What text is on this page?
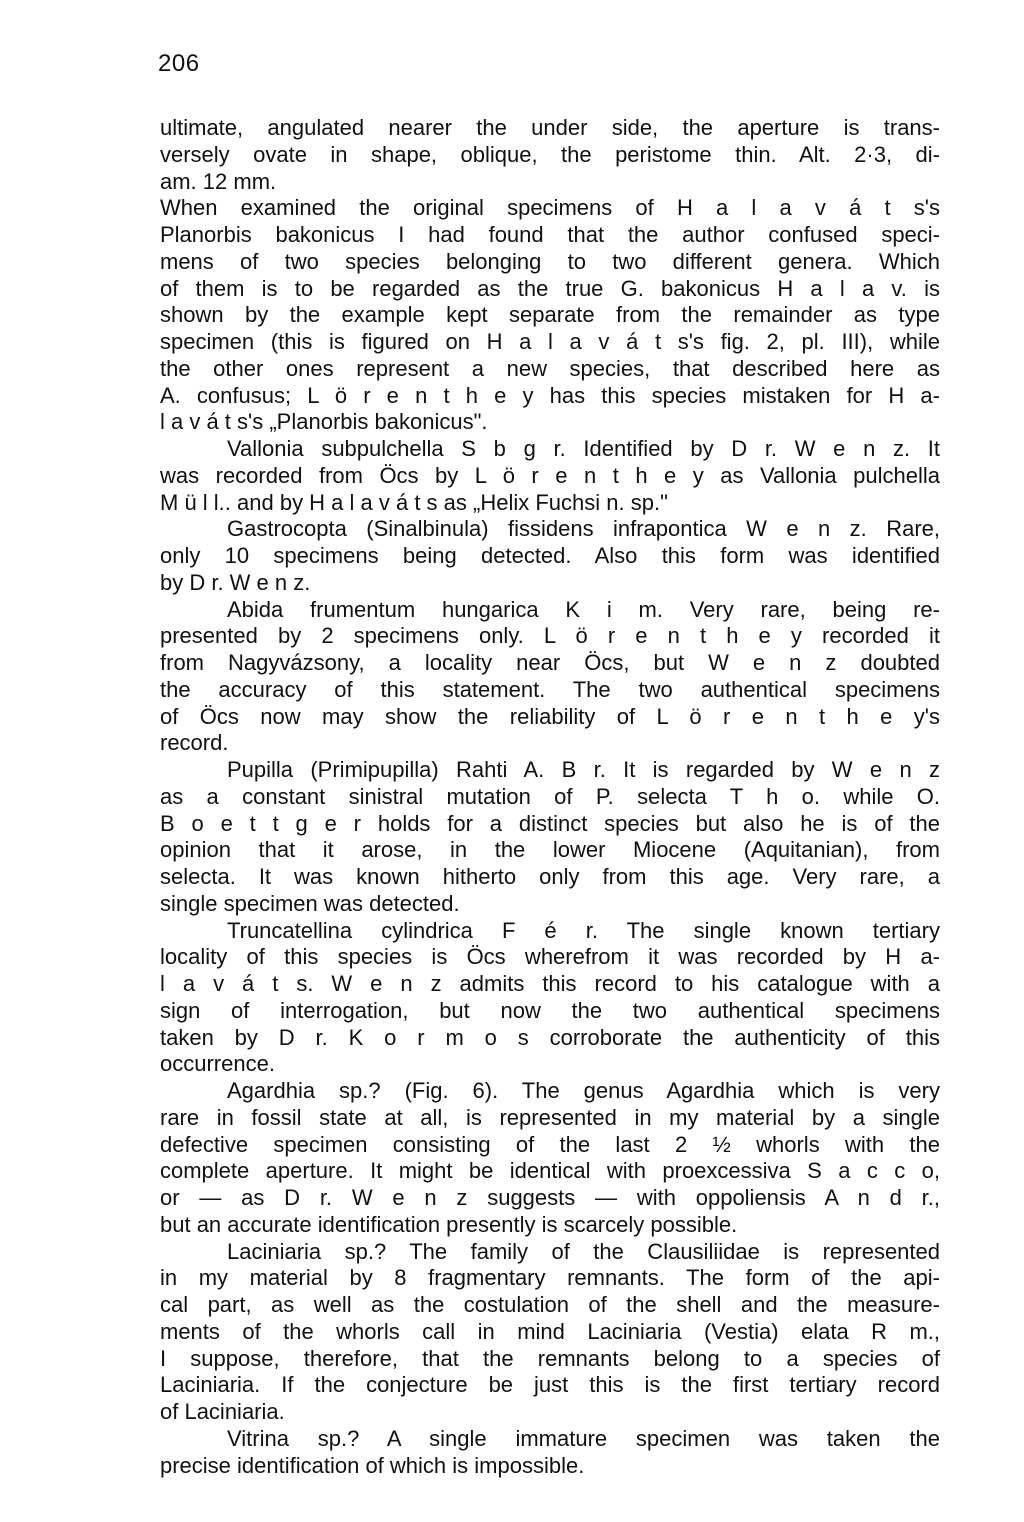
206
ultimate, angulated nearer the under side, the aperture is trans-
versely ovate in shape, oblique, the peristome thin. Alt. 2·3, di-
am. 12 mm.
When examined the original specimens of H a l a v á t s's
Planorbis bakonicus I had found that the author confused speci-
mens of two species belonging to two different genera. Which
of them is to be regarded as the true G. bakonicus H a l a v. is
shown by the example kept separate from the remainder as type
specimen (this is figured on H a l a v á t s's fig. 2, pl. III), while
the other ones represent a new species, that described here as
A. confusus; L ö r e n t h e y has this species mistaken for H a-
l a v á t s's „Planorbis bakonicus".
Vallonia subpulchella S b g r. Identified by D r. W e n z. It
was recorded from Öcs by L ö r e n t h e y as Vallonia pulchella
M ü l l.. and by H a l a v á t s as „Helix Fuchsi n. sp."
Gastrocopta (Sinalbinula) fissidens infrapontica W e n z. Rare,
only 10 specimens being detected. Also this form was identified
by D r. W e n z.
Abida frumentum hungarica K i m. Very rare, being re-
presented by 2 specimens only. L ö r e n t h e y recorded it
from Nagyvázsony, a locality near Öcs, but W e n z doubted
the accuracy of this statement. The two authentical specimens
of Öcs now may show the reliability of L ö r e n t h e y's
record.
Pupilla (Primipupilla) Rahti A. B r. It is regarded by W e n z
as a constant sinistral mutation of P. selecta T h o. while O.
B o e t t g e r holds for a distinct species but also he is of the
opinion that it arose, in the lower Miocene (Aquitanian), from
selecta. It was known hitherto only from this age. Very rare, a
single specimen was detected.
Truncatellina cylindrica F é r. The single known tertiary
locality of this species is Öcs wherefrom it was recorded by H a-
l a v á t s. W e n z admits this record to his catalogue with a
sign of interrogation, but now the two authentical specimens
taken by D r. K o r m o s corroborate the authenticity of this
occurrence.
Agardhia sp.? (Fig. 6). The genus Agardhia which is very
rare in fossil state at all, is represented in my material by a single
defective specimen consisting of the last 2 ½ whorls with the
complete aperture. It might be identical with proexcessiva S a c c o,
or — as D r. W e n z suggests — with oppoliensis A n d r.,
but an accurate identification presently is scarcely possible.
Laciniaria sp.? The family of the Clausiliidae is represented
in my material by 8 fragmentary remnants. The form of the api-
cal part, as well as the costulation of the shell and the measure-
ments of the whorls call in mind Laciniaria (Vestia) elata R m.,
I suppose, therefore, that the remnants belong to a species of
Laciniaria. If the conjecture be just this is the first tertiary record
of Laciniaria.
Vitrina sp.? A single immature specimen was taken the
precise identification of which is impossible.
